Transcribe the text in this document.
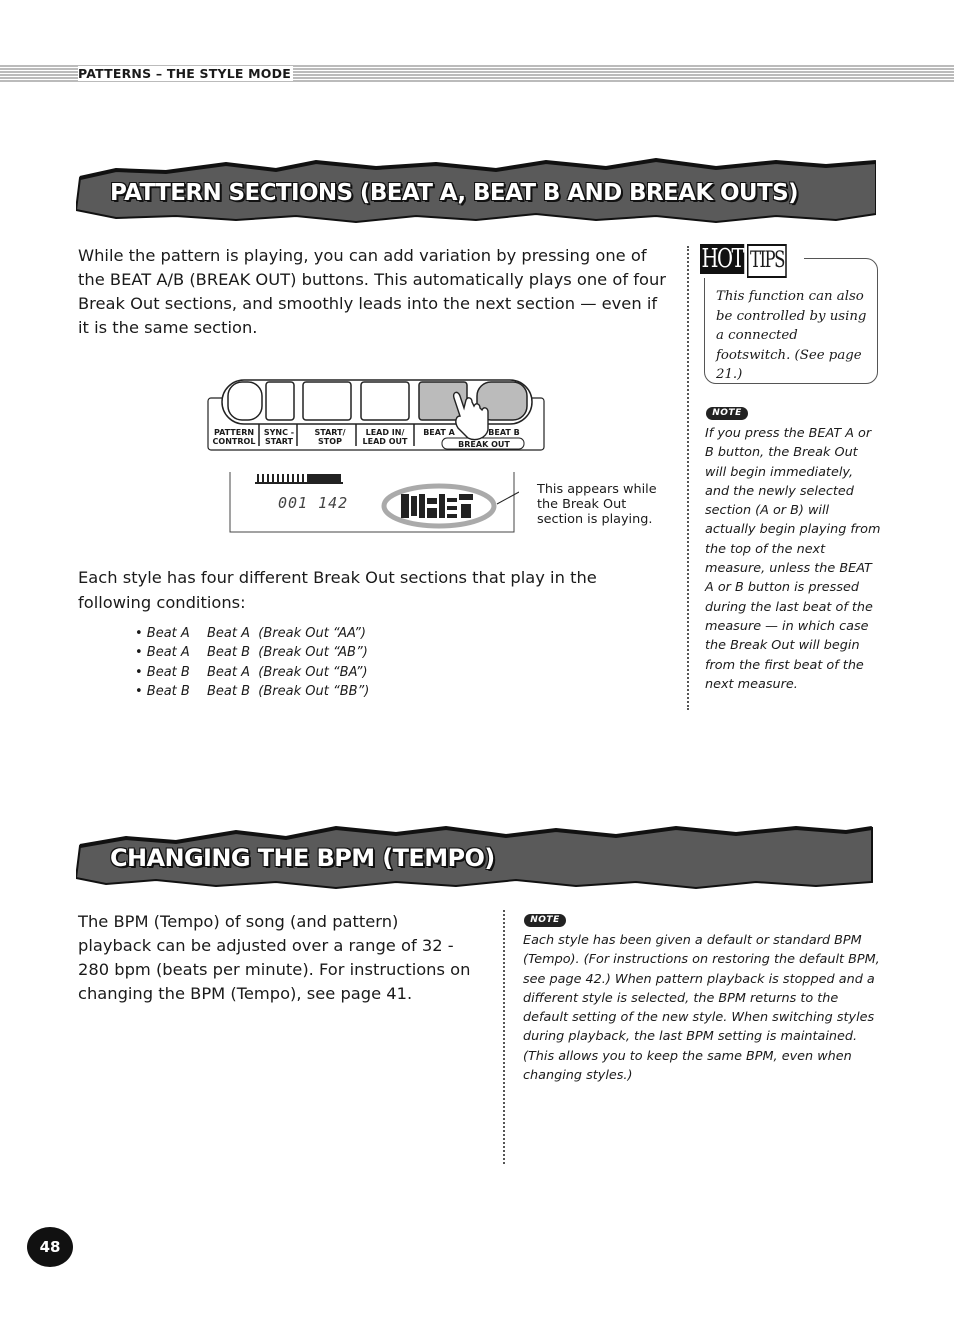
PATTERNS – THE STYLE MODE
PATTERN SECTIONS (BEAT A, BEAT B AND BREAK OUTS)
While the pattern is playing, you can add variation by pressing one of the BEAT A/B (BREAK OUT) buttons. This automatically plays one of four Break Out sections, and smoothly leads into the next section — even if it is the same section.
PATTERN CONTROL
SYNC - START
START/ STOP
LEAD IN/ LEAD OUT
BEAT A	BEAT B
BREAK OUT
001 142
This appears while the Break Out section is playing.
Each style has four different Break Out sections that play in the following conditions:
• Beat A	Beat A  (Break Out “AA”)
• Beat A	Beat B  (Break Out “AB”)
• Beat B	Beat A  (Break Out “BA”)
• Beat B	Beat B  (Break Out “BB”)
HOT TIPS
This function can also be controlled by using a connected footswitch. (See page 21.)
NOTE
If you press the BEAT A or B button, the Break Out will begin immediately, and the newly selected section (A or B) will actually begin playing from the top of the next measure, unless the BEAT A or B button is pressed during the last beat of the measure — in which case the Break Out will begin from the first beat of the next measure.
CHANGING THE BPM (TEMPO)
The BPM (Tempo) of song (and pattern) playback can be adjusted over a range of 32 - 280 bpm (beats per minute). For instructions on changing the BPM (Tempo), see page 41.
NOTE
Each style has been given a default or standard BPM (Tempo). (For instructions on restoring the default BPM, see page 42.) When pattern playback is stopped and a different style is selected, the BPM returns to the default setting of the new style. When switching styles during playback, the last BPM setting is maintained. (This allows you to keep the same BPM, even when changing styles.)
48
